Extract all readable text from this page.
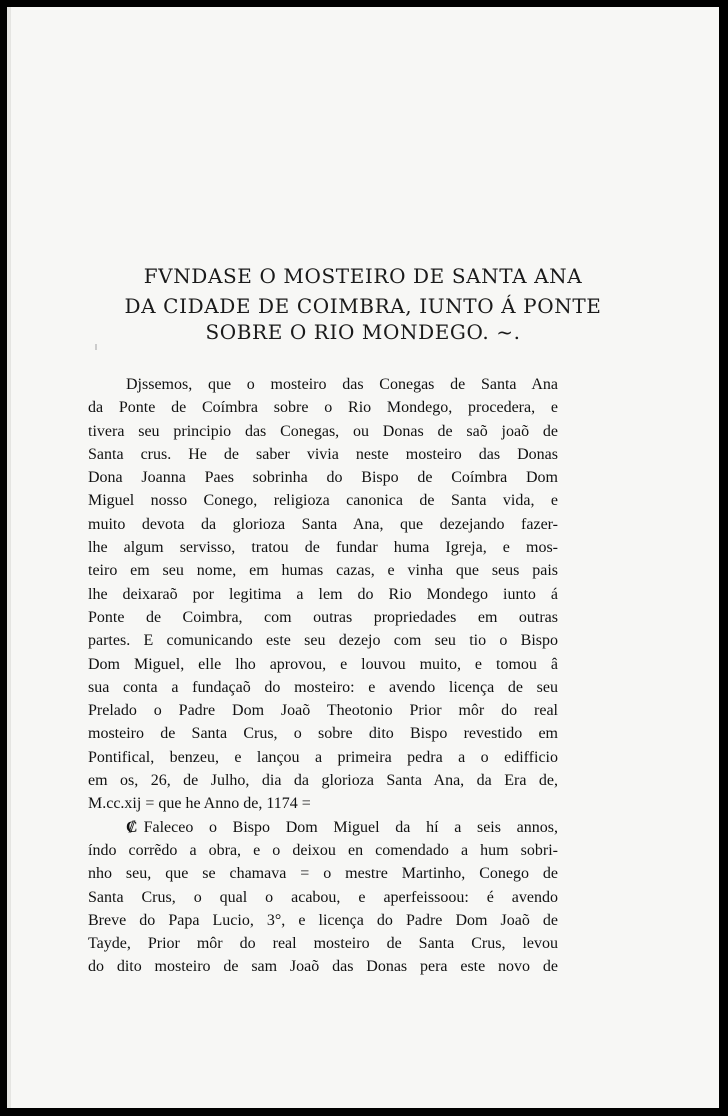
FVNDASE O MOSTEIRO DE SANTA ANA
DA CIDADE DE COIMBRA, IUNTO Á PONTE
SOBRE O RIO MONDEGO. ~.
Djssemos, que o mosteiro das Conegas de Santa Ana
da Ponte de Coímbra sobre o Rio Mondego, procedera, e
tivera seu principio das Conegas, ou Donas de saõ joaõ de
Santa crus. He de saber vivia neste mosteiro das Donas
Dona Joanna Paes sobrinha do Bispo de Coímbra Dom
Miguel nosso Conego, religioza canonica de Santa vida, e
muito devota da glorioza Santa Ana, que dezejando fazer-
lhe algum servisso, tratou de fundar huma Igreja, e mos-
teiro em seu nome, em humas cazas, e vinha que seus pais
lhe deixaraõ por legitima a lem do Rio Mondego iunto á
Ponte de Coimbra, com outras propriedades em outras
partes. E comunicando este seu dezejo com seu tio o Bispo
Dom Miguel, elle lho aprovou, e louvou muito, e tomou â
sua conta a fundaçaõ do mosteiro: e avendo licença de seu
Prelado o Padre Dom Joaõ Theotonio Prior môr do real
mosteiro de Santa Crus, o sobre dito Bispo revestido em
Pontifical, benzeu, e lançou a primeira pedra a o edifficio
em os, 26, de Julho, dia da glorioza Santa Ana, da Era de,
M.cc.xij = que he Anno de, 1174 =
₡ Faleceo o Bispo Dom Miguel da hí a seis annos,
índo corrẽdo a obra, e o deixou en comendado a hum sobri-
nho seu, que se chamava = o mestre Martinho, Conego de
Santa Crus, o qual o acabou, e aperfeissoou: é avendo
Breve do Papa Lucio, 3°, e licença do Padre Dom Joaõ de
Tayde, Prior môr do real mosteiro de Santa Crus, levou
do dito mosteiro de sam Joaõ das Donas pera este novo de
